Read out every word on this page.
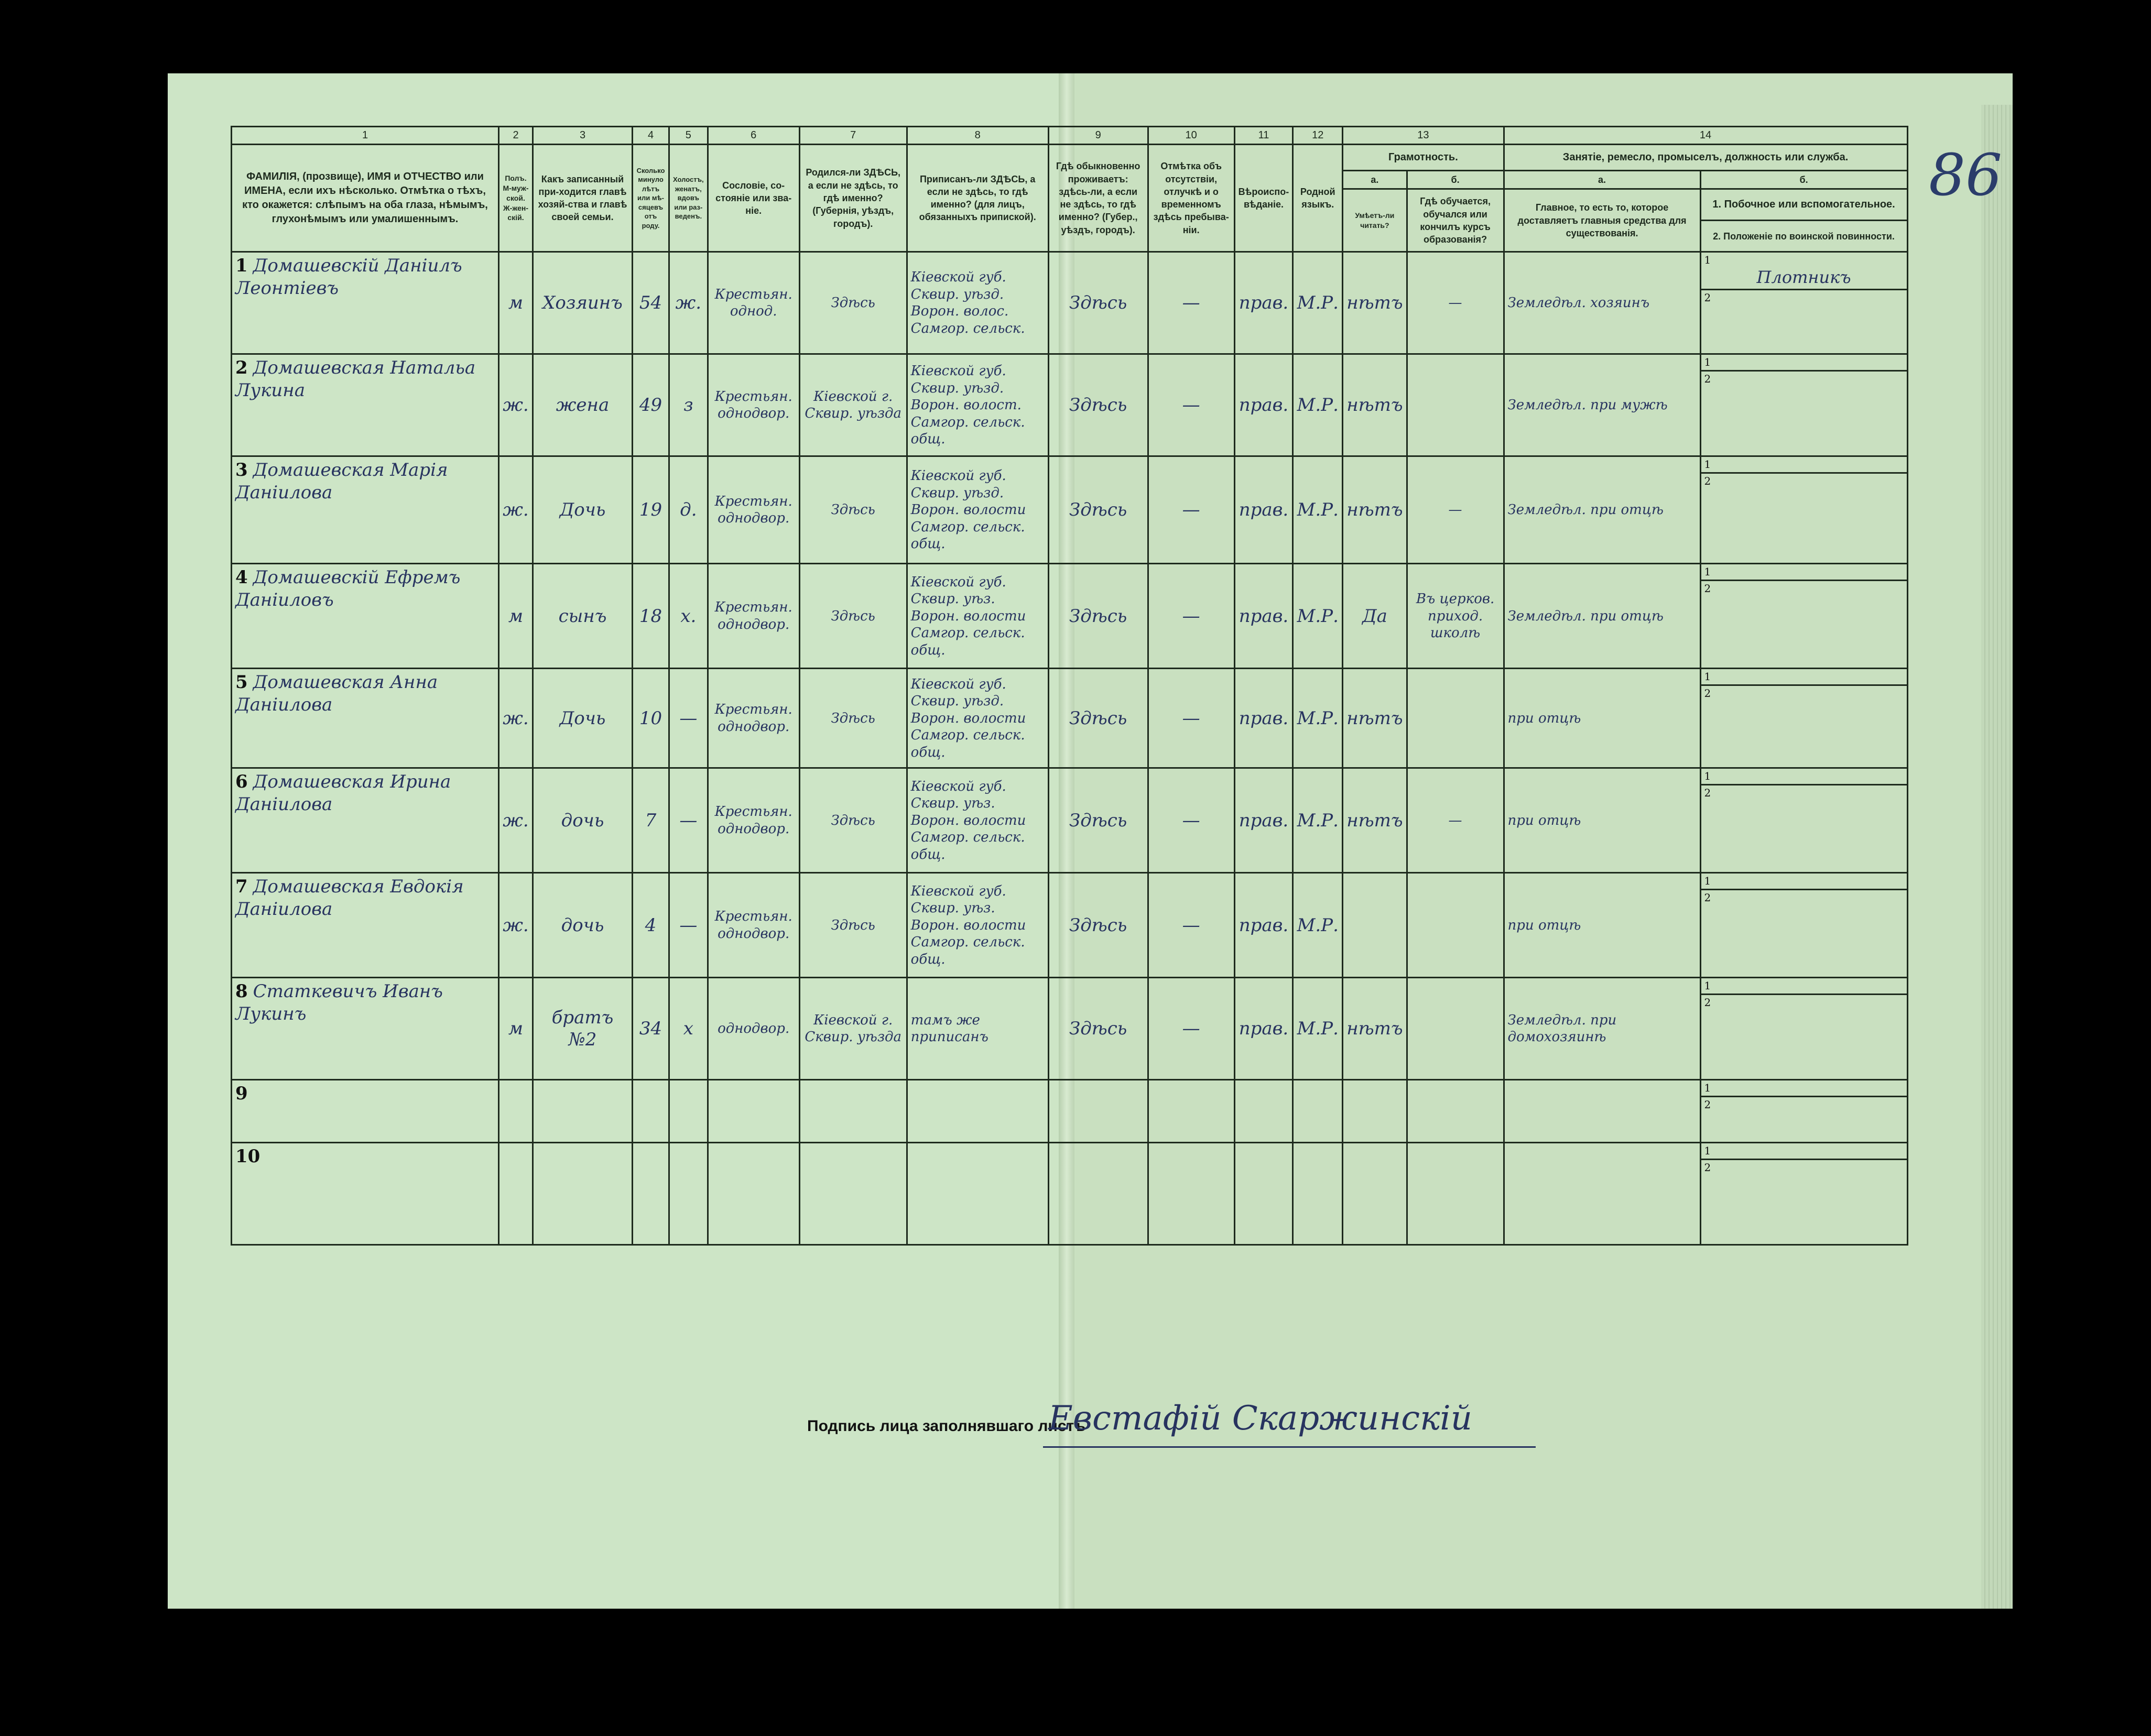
86
1	2	3	4	5	6	7	8	9	10	11	12	13		14	
ФАМИЛІЯ, (прозвище), ИМЯ и ОТЧЕСТВО или ИМЕНА, если ихъ нѣсколько. Отмѣтка о тѣхъ, кто окажется: слѣпымъ на оба глаза, нѣмымъ, глухонѣмымъ или умалишеннымъ.	Полъ. М-муж-ской. Ж-жен-скій.	Какъ записанный при-ходится главѣ хозяй-ства и главѣ своей семьи.	Сколько минуло лѣтъ или мѣ-сяцевъ отъ роду.	Холостъ, женатъ, вдовъ или раз-веденъ.	Сословіе, со-стояніе или зва-ніе.	Родился-ли ЗДѢСЬ, а если не здѣсь, то гдѣ именно? (Губернія, уѣздъ, городъ).	Приписанъ-ли ЗДѢСЬ, а если не здѣсь, то гдѣ именно? (для лицъ, обязанныхъ припиской).	Гдѣ обыкновенно проживаетъ: здѣсь-ли, а если не здѣсь, то гдѣ именно? (Губер., уѣздъ, городъ).	Отмѣтка объ отсутствіи, отлучкѣ и о временномъ здѣсь пребыва-ніи.	Вѣроиспо-вѣданіе.	Родной языкъ.	Грамотность.		Занятіе, ремесло, промыселъ, должность или служба.	
												а.	б.	а.	б.
												Умѣетъ-ли читать?	Гдѣ обучается, обучался или кончилъ курсъ образованія?	Главное, то есть то, которое доставляетъ главныя средства для существованія.	1. Побочное или вспомогательное.
															2. Положеніе по воинской повинности.
1 Домашевскій Даніилъ Леонтіевъ	м	Хозяинъ	54	ж.	Крестьян. однод.	Здѣсь	Кіевской губ. Сквир. уѣзд. Ворон. волос. Самгор. сельск.	Здѣсь	—	прав.	М.Р.	нѣтъ	—	Земледѣл. хозяинъ	1
Плотникъ
2

2 Домашевская Натальа Лукина	ж.	жена	49	з	Крестьян. однодвор.	Кіевской г. Сквир. уѣзда	Кіевской губ. Сквир. уѣзд. Ворон. волост. Самгор. сельск. общ.	Здѣсь	—	прав.	М.Р.	нѣтъ		Земледѣл. при мужѣ	1
2

3 Домашевская Марія Даніилова	ж.	Дочь	19	д.	Крестьян. однодвор.	Здѣсь	Кіевской губ. Сквир. уѣзд. Ворон. волости Самгор. сельск. общ.	Здѣсь	—	прав.	М.Р.	нѣтъ	—	Земледѣл. при отцѣ	1
2

4 Домашевскій Ефремъ Даніиловъ	м	сынъ	18	х.	Крестьян. однодвор.	Здѣсь	Кіевской губ. Сквир. уѣз. Ворон. волости Самгор. сельск. общ.	Здѣсь	—	прав.	М.Р.	Да	Въ церков. приход. школѣ	Земледѣл. при отцѣ	1
2

5 Домашевская Анна Даніилова	ж.	Дочь	10	—	Крестьян. однодвор.	Здѣсь	Кіевской губ. Сквир. уѣзд. Ворон. волости Самгор. сельск. общ.	Здѣсь	—	прав.	М.Р.	нѣтъ		при отцѣ	1
2

6 Домашевская Ирина Даніилова	ж.	дочь	7	—	Крестьян. однодвор.	Здѣсь	Кіевской губ. Сквир. уѣз. Ворон. волости Самгор. сельск. общ.	Здѣсь	—	прав.	М.Р.	нѣтъ	—	при отцѣ	1
2

7 Домашевская Евдокія Даніилова	ж.	дочь	4	—	Крестьян. однодвор.	Здѣсь	Кіевской губ. Сквир. уѣз. Ворон. волости Самгор. сельск. общ.	Здѣсь	—	прав.	М.Р.			при отцѣ	1
2

8 Статкевичъ Иванъ Лукинъ	м	братъ №2	34	х	однодвор.	Кіевской г. Сквир. уѣзда	тамъ же приписанъ	Здѣсь	—	прав.	М.Р.	нѣтъ		Земледѣл. при домохозяинѣ	1
2

9															1
2

10															1
2
Подпись лица заполнявшаго листъ
Евстафій Скаржинскій
